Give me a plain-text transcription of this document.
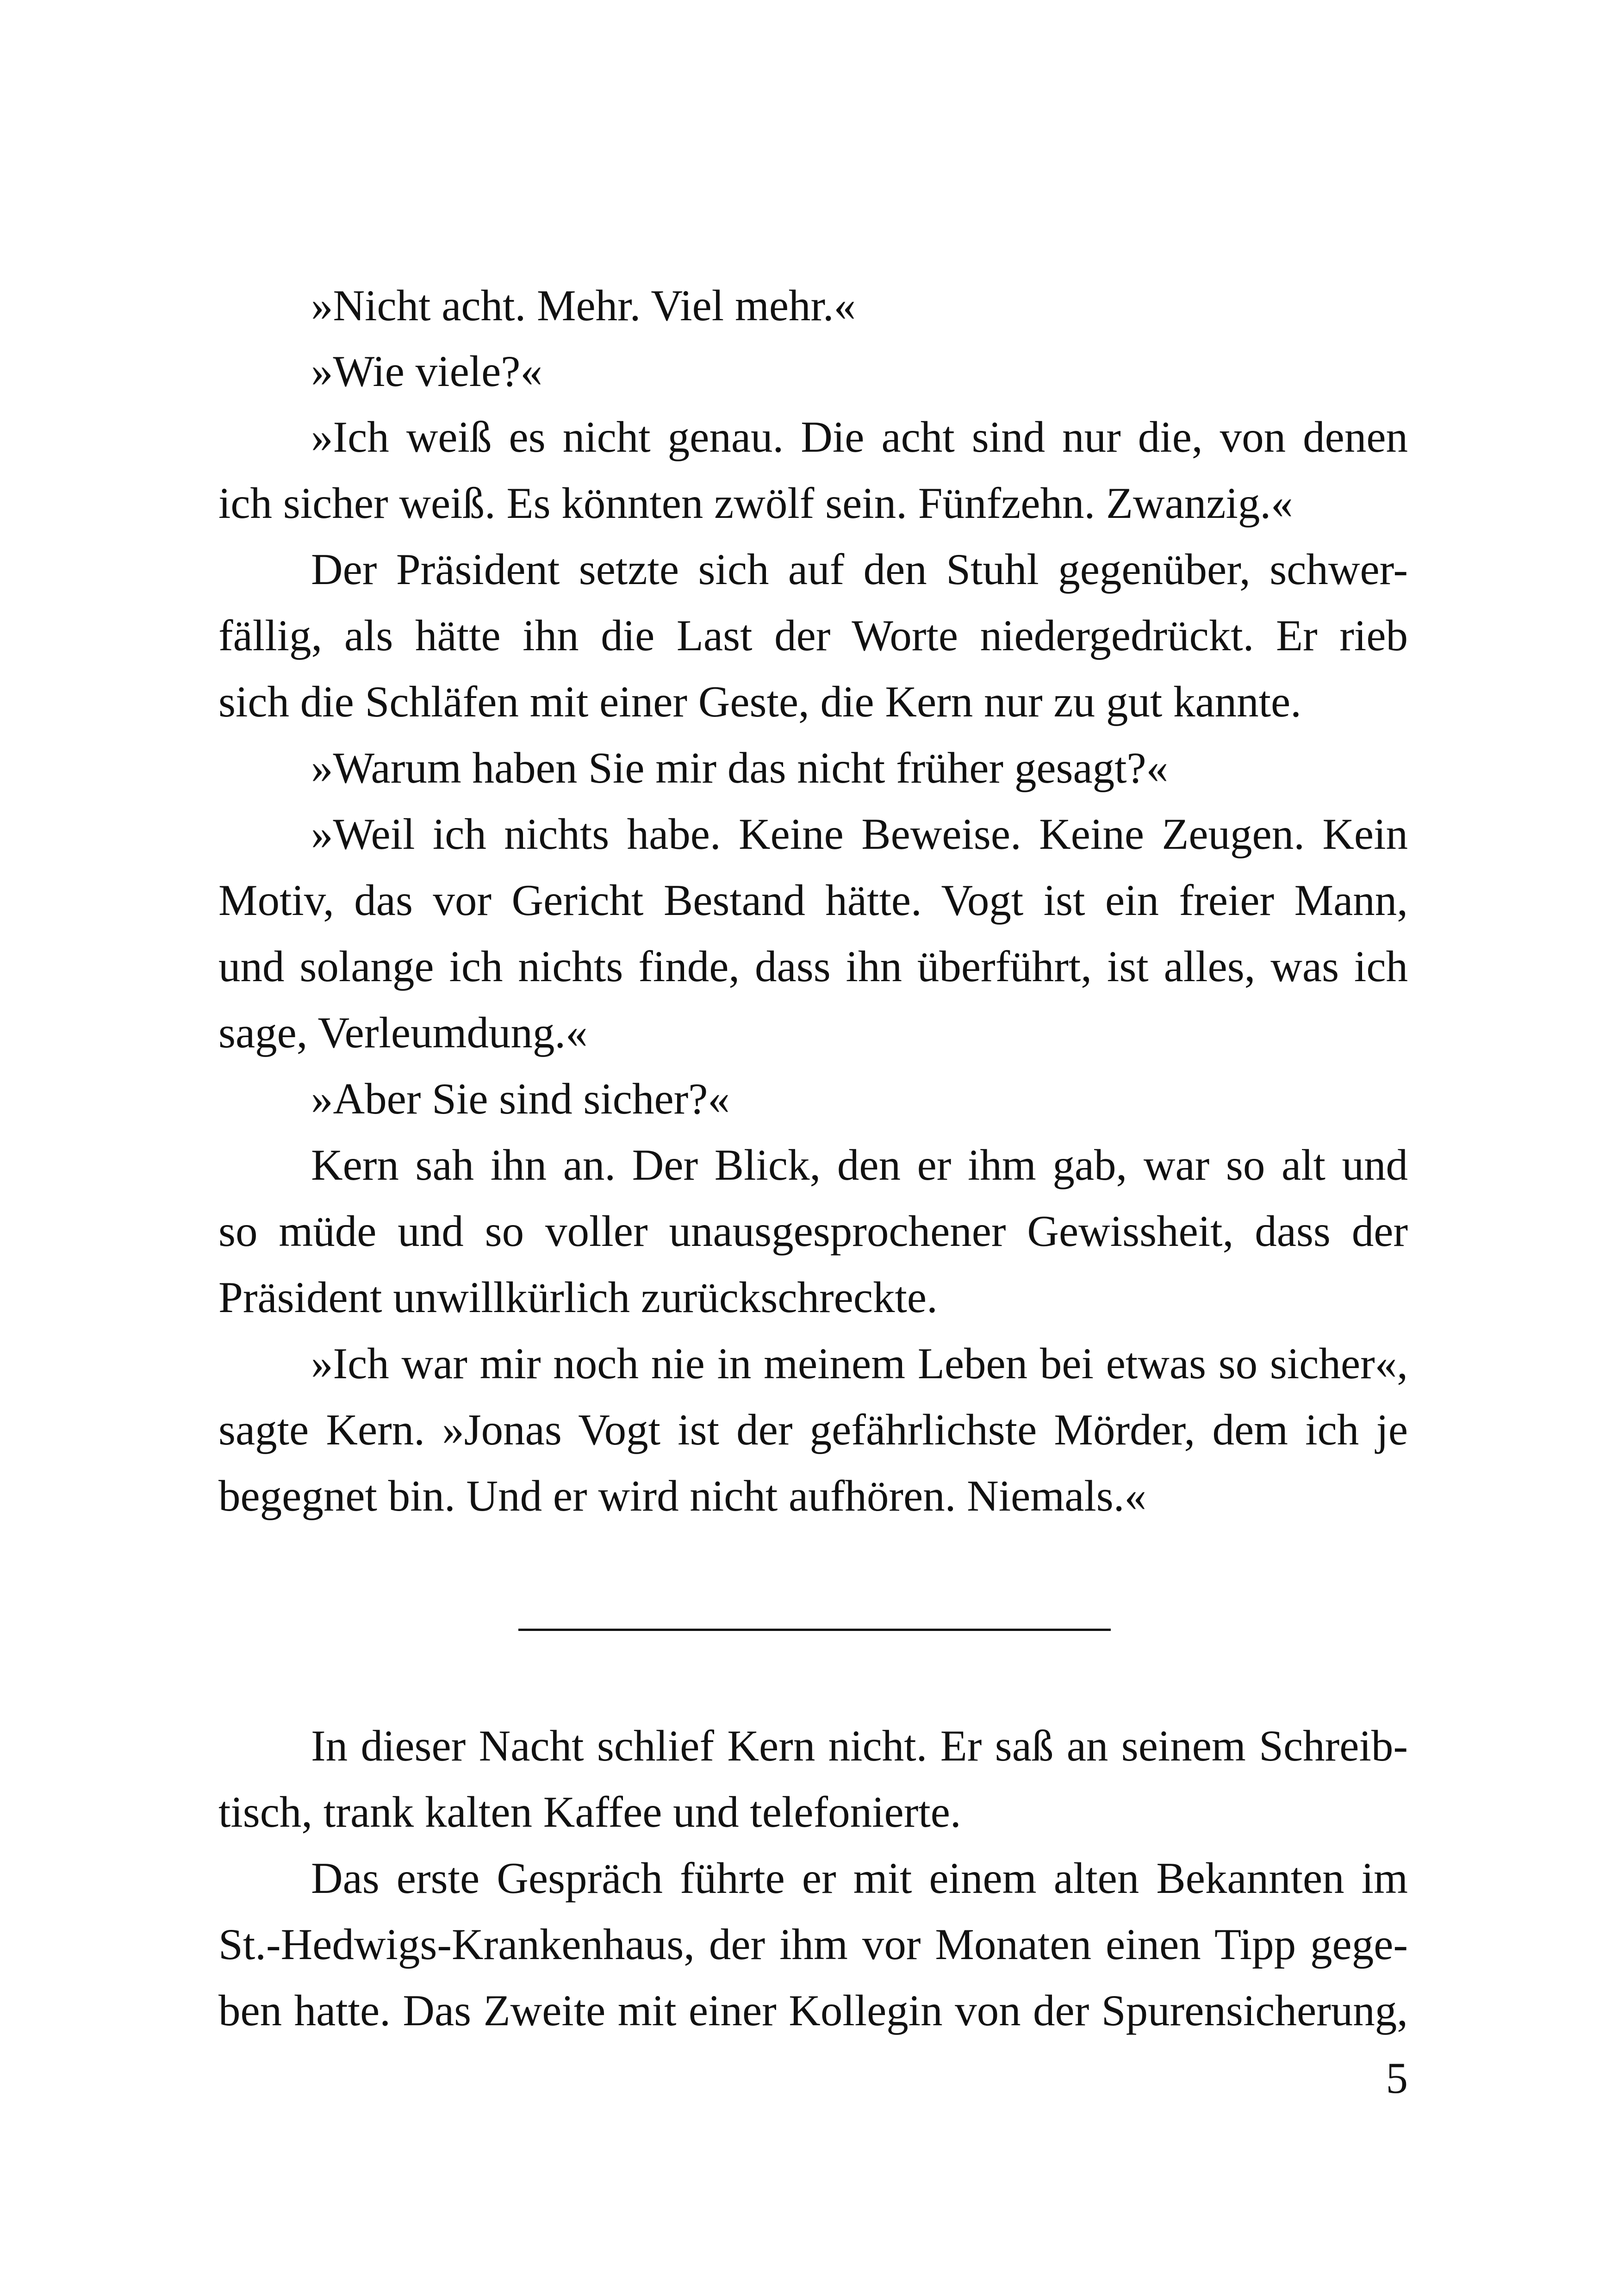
»Nicht acht. Mehr. Viel mehr.«
»Wie viele?«
»Ich weiß es nicht genau. Die acht sind nur die, von denen
ich sicher weiß. Es könnten zwölf sein. Fünfzehn. Zwanzig.«
Der Präsident setzte sich auf den Stuhl gegenüber, schwer-
fällig, als hätte ihn die Last der Worte niedergedrückt. Er rieb
sich die Schläfen mit einer Geste, die Kern nur zu gut kannte.
»Warum haben Sie mir das nicht früher gesagt?«
»Weil ich nichts habe. Keine Beweise. Keine Zeugen. Kein
Motiv, das vor Gericht Bestand hätte. Vogt ist ein freier Mann,
und solange ich nichts finde, dass ihn überführt, ist alles, was ich
sage, Verleumdung.«
»Aber Sie sind sicher?«
Kern sah ihn an. Der Blick, den er ihm gab, war so alt und
so müde und so voller unausgesprochener Gewissheit, dass der
Präsident unwillkürlich zurückschreckte.
»Ich war mir noch nie in meinem Leben bei etwas so sicher«,
sagte Kern. »Jonas Vogt ist der gefährlichste Mörder, dem ich je
begegnet bin. Und er wird nicht aufhören. Niemals.«
In dieser Nacht schlief Kern nicht. Er saß an seinem Schreib-
tisch, trank kalten Kaffee und telefonierte.
Das erste Gespräch führte er mit einem alten Bekannten im
St.-Hedwigs-Krankenhaus, der ihm vor Monaten einen Tipp gege-
ben hatte. Das Zweite mit einer Kollegin von der Spurensicherung,
5
